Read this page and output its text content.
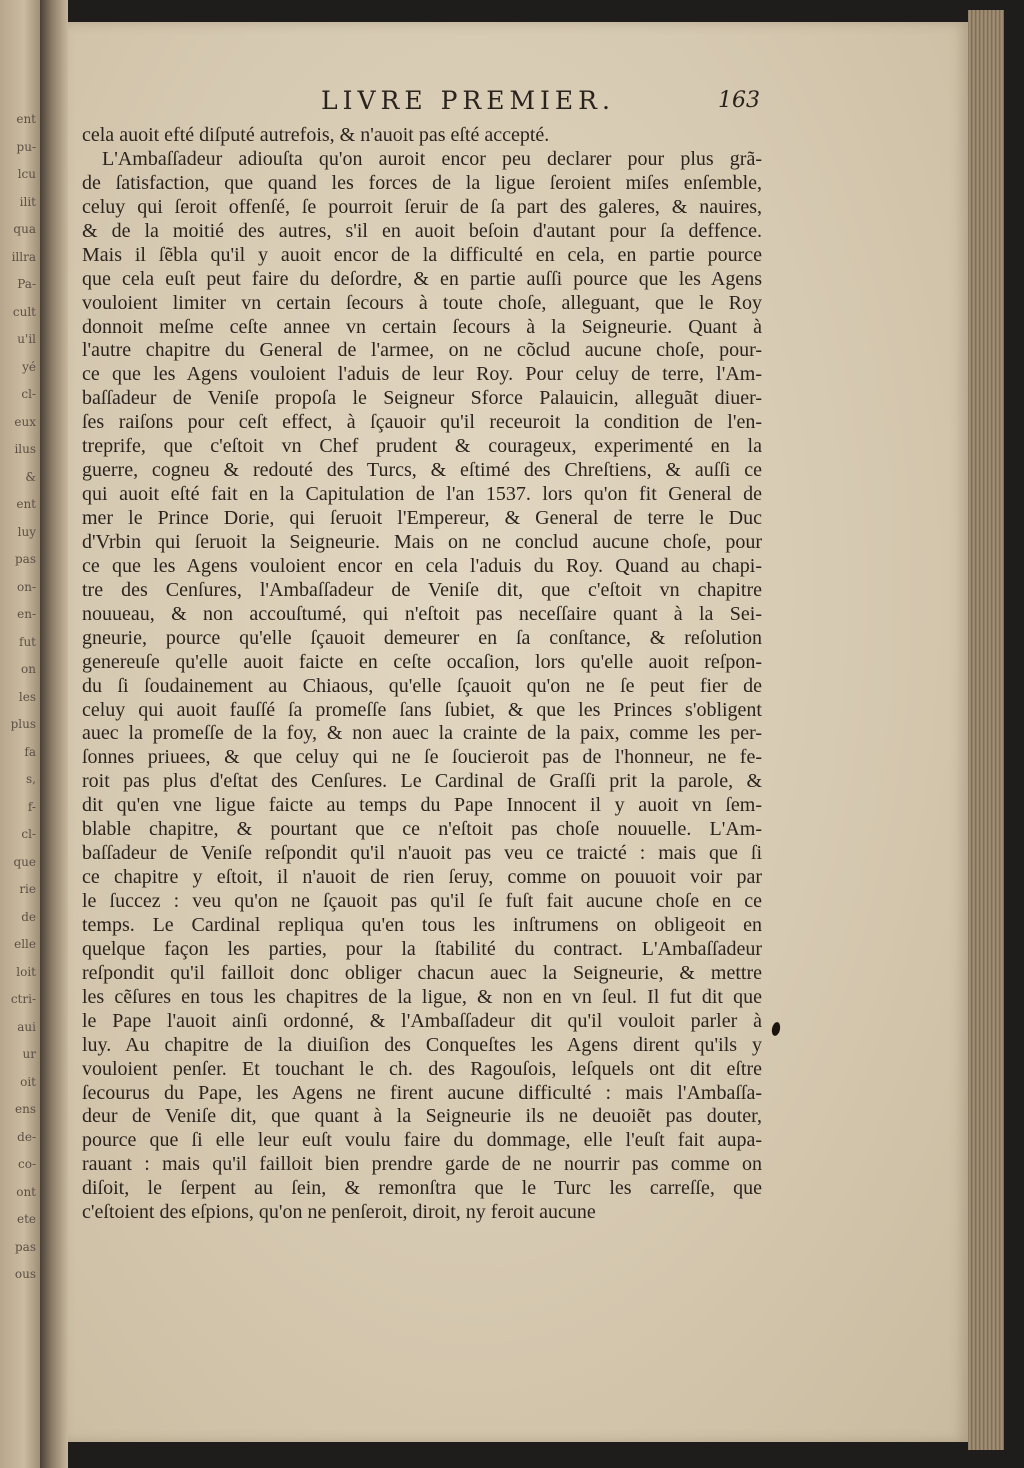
ent
pu-
lcu
ilit
qua
illra
Pa-
cult
u'il
yé
cl-
eux
ilus
&
ent
luy
pas
on-
en-
fut
on
les
plus
fa
s,
f-
cl-
que
rie
de
elle
loit
ctri-
aui
ur
oit
ens
de-
co-
ont
ete
pas
ous
LIVRE PREMIER.	163
cela auoit efté diſputé autrefois, & n'auoit pas eſté accepté.
L'Ambaſſadeur adiouſta qu'on auroit encor peu declarer pour plus grã-
de ſatisfaction, que quand les forces de la ligue ſeroient miſes enſemble,
celuy qui ſeroit offenſé, ſe pourroit ſeruir de ſa part des galeres, & nauires,
& de la moitié des autres, s'il en auoit beſoin d'autant pour ſa deffence.
Mais il ſẽbla qu'il y auoit encor de la difficulté en cela, en partie pource
que cela euſt peut faire du deſordre, & en partie auſſi pource que les Agens
vouloient limiter vn certain ſecours à toute choſe, alleguant, que le Roy
donnoit meſme ceſte annee vn certain ſecours à la Seigneurie. Quant à
l'autre chapitre du General de l'armee, on ne cõclud aucune choſe, pour-
ce que les Agens vouloient l'aduis de leur Roy. Pour celuy de terre, l'Am-
baſſadeur de Veniſe propoſa le Seigneur Sforce Palauicin, alleguãt diuer-
ſes raiſons pour ceſt effect, à ſçauoir qu'il receuroit la condition de l'en-
treprife, que c'eſtoit vn Chef prudent & courageux, experimenté en la
guerre, cogneu & redouté des Turcs, & eſtimé des Chreſtiens, & auſſi ce
qui auoit eſté fait en la Capitulation de l'an 1537. lors qu'on fit General de
mer le Prince Dorie, qui ſeruoit l'Empereur, & General de terre le Duc
d'Vrbin qui ſeruoit la Seigneurie. Mais on ne conclud aucune choſe, pour
ce que les Agens vouloient encor en cela l'aduis du Roy. Quand au chapi-
tre des Cenſures, l'Ambaſſadeur de Veniſe dit, que c'eſtoit vn chapitre
nouueau, & non accouſtumé, qui n'eſtoit pas neceſſaire quant à la Sei-
gneurie, pource qu'elle ſçauoit demeurer en ſa conſtance, & reſolution
genereuſe qu'elle auoit faicte en ceſte occaſion, lors qu'elle auoit reſpon-
du ſi ſoudainement au Chiaous, qu'elle ſçauoit qu'on ne ſe peut fier de
celuy qui auoit fauſſé ſa promeſſe ſans ſubiet, & que les Princes s'obligent
auec la promeſſe de la foy, & non auec la crainte de la paix, comme les per-
ſonnes priuees, & que celuy qui ne ſe ſoucieroit pas de l'honneur, ne fe-
roit pas plus d'eſtat des Cenſures. Le Cardinal de Graſſi prit la parole, &
dit qu'en vne ligue faicte au temps du Pape Innocent il y auoit vn ſem-
blable chapitre, & pourtant que ce n'eſtoit pas choſe nouuelle. L'Am-
baſſadeur de Veniſe reſpondit qu'il n'auoit pas veu ce traicté : mais que ſi
ce chapitre y eſtoit, il n'auoit de rien ſeruy, comme on pouuoit voir par
le ſuccez : veu qu'on ne ſçauoit pas qu'il ſe fuſt fait aucune choſe en ce
temps. Le Cardinal repliqua qu'en tous les inſtrumens on obligeoit en
quelque façon les parties, pour la ſtabilité du contract. L'Ambaſſadeur
reſpondit qu'il failloit donc obliger chacun auec la Seigneurie, & mettre
les cẽſures en tous les chapitres de la ligue, & non en vn ſeul. Il fut dit que
le Pape l'auoit ainſi ordonné, & l'Ambaſſadeur dit qu'il vouloit parler à
luy. Au chapitre de la diuiſion des Conqueſtes les Agens dirent qu'ils y
vouloient penſer. Et touchant le ch. des Ragouſois, leſquels ont dit eſtre
ſecourus du Pape, les Agens ne firent aucune difficulté : mais l'Ambaſſa-
deur de Veniſe dit, que quant à la Seigneurie ils ne deuoiẽt pas douter,
pource que ſi elle leur euſt voulu faire du dommage, elle l'euſt fait aupa-
rauant : mais qu'il failloit bien prendre garde de ne nourrir pas comme on
diſoit, le ſerpent au ſein, & remonſtra que le Turc les carreſſe, que
c'eſtoient des eſpions, qu'on ne penſeroit, diroit, ny feroit aucune
